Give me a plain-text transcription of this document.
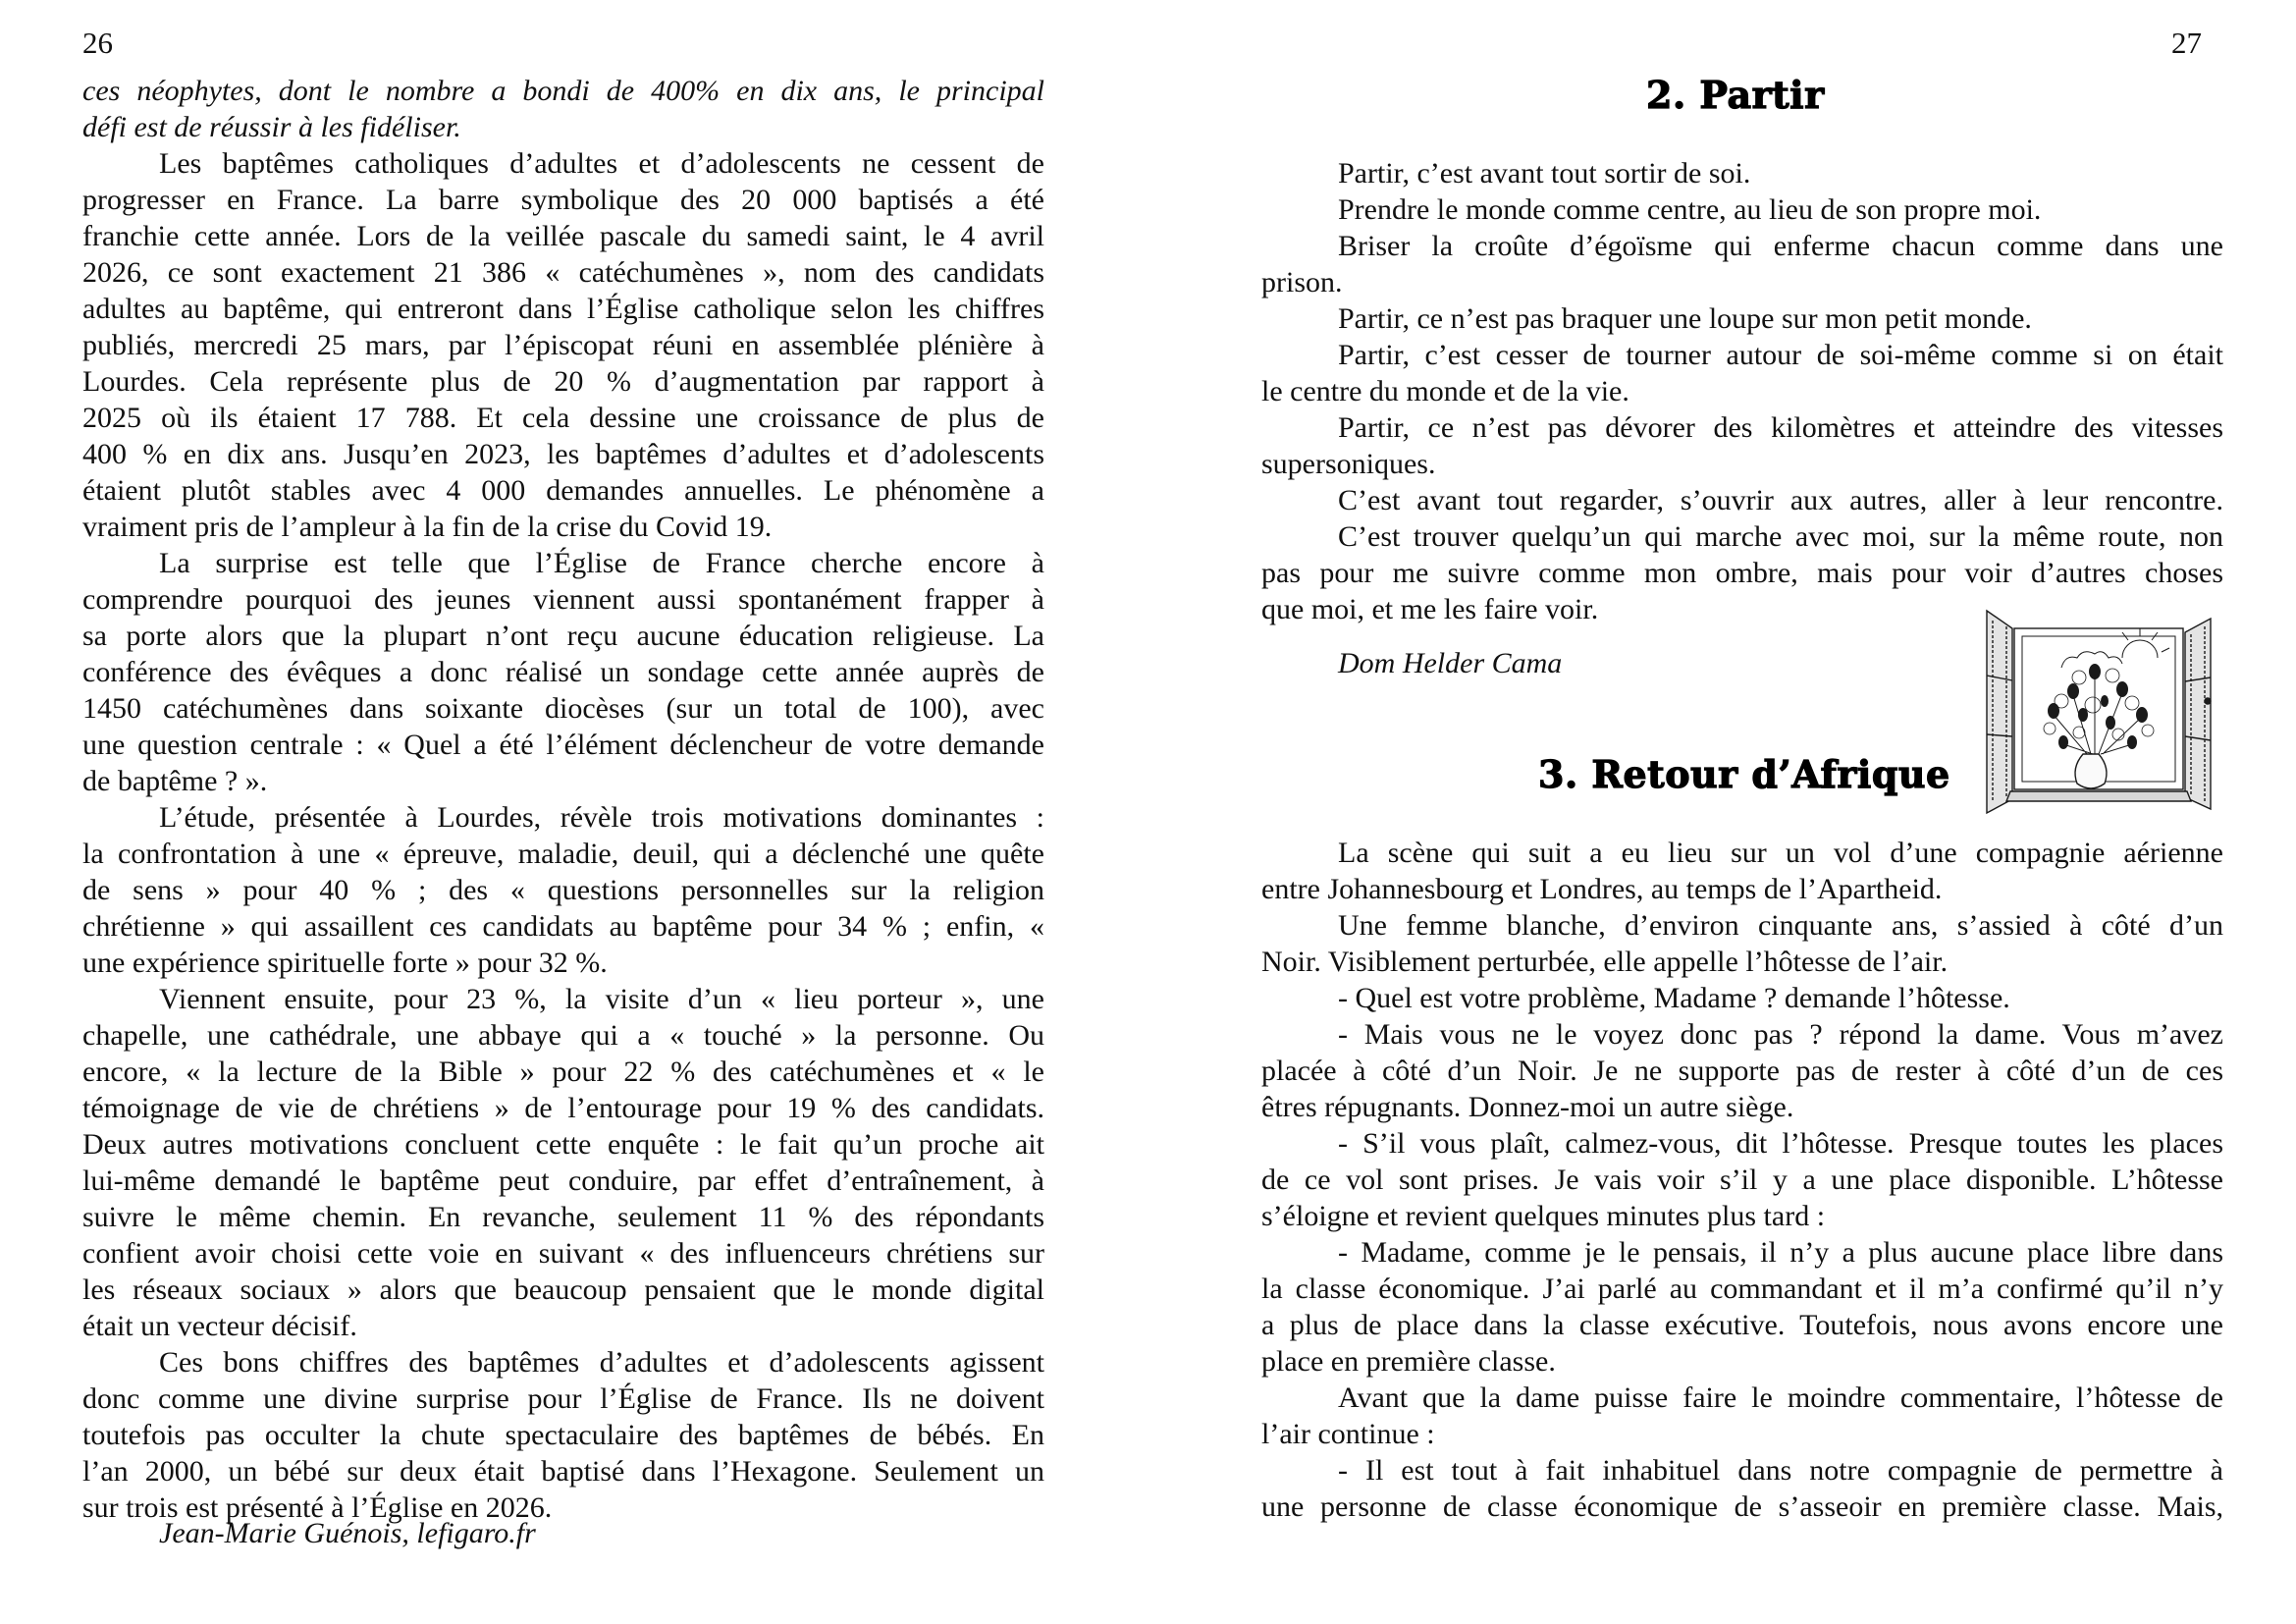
26
ces néophytes, dont le nombre a bondi de 400% en dix ans, le principal
défi est de réussir à les fidéliser.
Les baptêmes catholiques d’adultes et d’adolescents ne cessent de
progresser en France. La barre symbolique des 20 000 baptisés a été
franchie cette année. Lors de la veillée pascale du samedi saint, le 4 avril
2026, ce sont exactement 21 386 « catéchumènes », nom des candidats
adultes au baptême, qui entreront dans l’Église catholique selon les chiffres
publiés, mercredi 25 mars, par l’épiscopat réuni en assemblée plénière à
Lourdes. Cela représente plus de 20 % d’augmentation par rapport à
2025 où ils étaient 17 788. Et cela dessine une croissance de plus de
400 % en dix ans. Jusqu’en 2023, les baptêmes d’adultes et d’adolescents
étaient plutôt stables avec 4 000 demandes annuelles. Le phénomène a
vraiment pris de l’ampleur à la fin de la crise du Covid 19.
La surprise est telle que l’Église de France cherche encore à
comprendre pourquoi des jeunes viennent aussi spontanément frapper à
sa porte alors que la plupart n’ont reçu aucune éducation religieuse. La
conférence des évêques a donc réalisé un sondage cette année auprès de
1450 catéchumènes dans soixante diocèses (sur un total de 100), avec
une question centrale : « Quel a été l’élément déclencheur de votre demande
de baptême ? ».
L’étude, présentée à Lourdes, révèle trois motivations dominantes :
la confrontation à une « épreuve, maladie, deuil, qui a déclenché une quête
de sens » pour 40 % ; des « questions personnelles sur la religion
chrétienne » qui assaillent ces candidats au baptême pour 34 % ; enfin, «
une expérience spirituelle forte » pour 32 %.
Viennent ensuite, pour 23 %, la visite d’un « lieu porteur », une
chapelle, une cathédrale, une abbaye qui a « touché » la personne. Ou
encore, « la lecture de la Bible » pour 22 % des catéchumènes et « le
témoignage de vie de chrétiens » de l’entourage pour 19 % des candidats.
Deux autres motivations concluent cette enquête : le fait qu’un proche ait
lui-même demandé le baptême peut conduire, par effet d’entraînement, à
suivre le même chemin. En revanche, seulement 11 % des répondants
confient avoir choisi cette voie en suivant « des influenceurs chrétiens sur
les réseaux sociaux » alors que beaucoup pensaient que le monde digital
était un vecteur décisif.
Ces bons chiffres des baptêmes d’adultes et d’adolescents agissent
donc comme une divine surprise pour l’Église de France. Ils ne doivent
toutefois pas occulter la chute spectaculaire des baptêmes de bébés. En
l’an 2000, un bébé sur deux était baptisé dans l’Hexagone. Seulement un
sur trois est présenté à l’Église en 2026.
Jean-Marie Guénois, lefigaro.fr
27
2. Partir
Partir, c’est avant tout sortir de soi.
Prendre le monde comme centre, au lieu de son propre moi.
Briser la croûte d’égoïsme qui enferme chacun comme dans une
prison.
Partir, ce n’est pas braquer une loupe sur mon petit monde.
Partir, c’est cesser de tourner autour de soi-même comme si on était
le centre du monde et de la vie.
Partir, ce n’est pas dévorer des kilomètres et atteindre des vitesses
supersoniques.
C’est avant tout regarder, s’ouvrir aux autres, aller à leur rencontre.
C’est trouver quelqu’un qui marche avec moi, sur la même route, non
pas pour me suivre comme mon ombre, mais pour voir d’autres choses
que moi, et me les faire voir.
Dom Helder Cama
3. Retour d’Afrique
La scène qui suit a eu lieu sur un vol d’une compagnie aérienne
entre Johannesbourg et Londres, au temps de l’Apartheid.
Une femme blanche, d’environ cinquante ans, s’assied à côté d’un
Noir. Visiblement perturbée, elle appelle l’hôtesse de l’air.
- Quel est votre problème, Madame ? demande l’hôtesse.
- Mais vous ne le voyez donc pas ? répond la dame. Vous m’avez
placée à côté d’un Noir. Je ne supporte pas de rester à côté d’un de ces
êtres répugnants. Donnez-moi un autre siège.
- S’il vous plaît, calmez-vous, dit l’hôtesse. Presque toutes les places
de ce vol sont prises. Je vais voir s’il y a une place disponible. L’hôtesse
s’éloigne et revient quelques minutes plus tard :
- Madame, comme je le pensais, il n’y a plus aucune place libre dans
la classe économique. J’ai parlé au commandant et il m’a confirmé qu’il n’y
a plus de place dans la classe exécutive. Toutefois, nous avons encore une
place en première classe.
Avant que la dame puisse faire le moindre commentaire, l’hôtesse de
l’air continue :
- Il est tout à fait inhabituel dans notre compagnie de permettre à
une personne de classe économique de s’asseoir en première classe. Mais,
